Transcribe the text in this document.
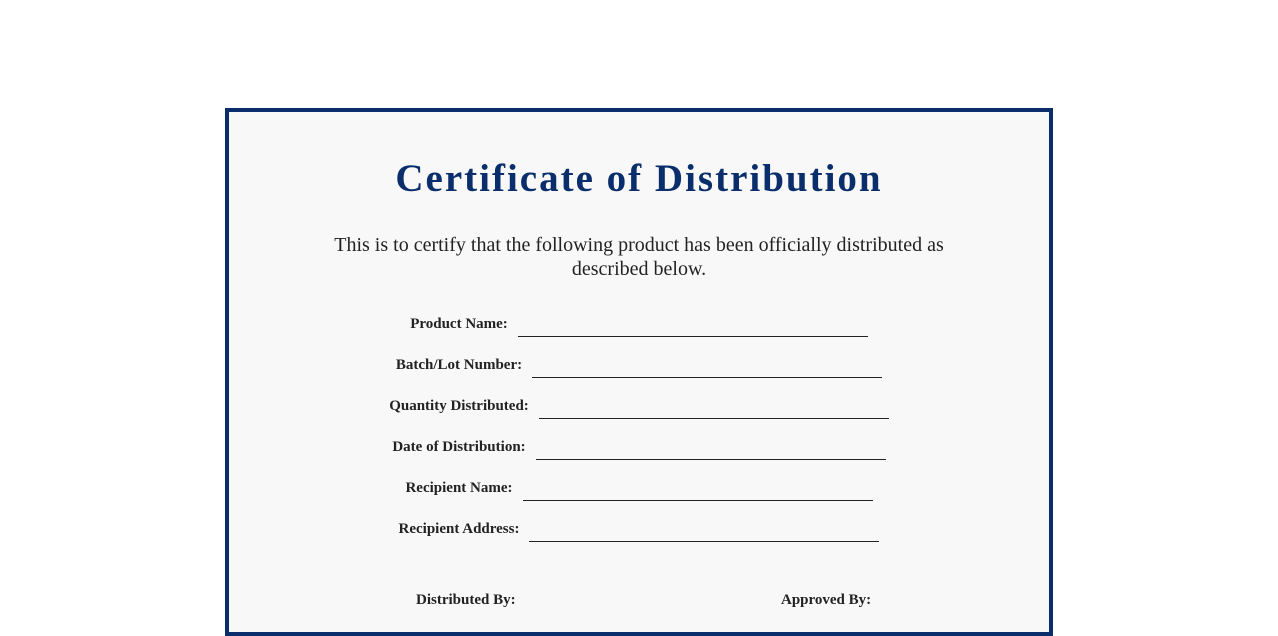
Certificate of Distribution

This is to certify that the following product has been officially distributed as described below.

Product Name:
Batch/Lot Number:
Quantity Distributed:
Date of Distribution:
Recipient Name:
Recipient Address:
Distributed By:	Approved By:
